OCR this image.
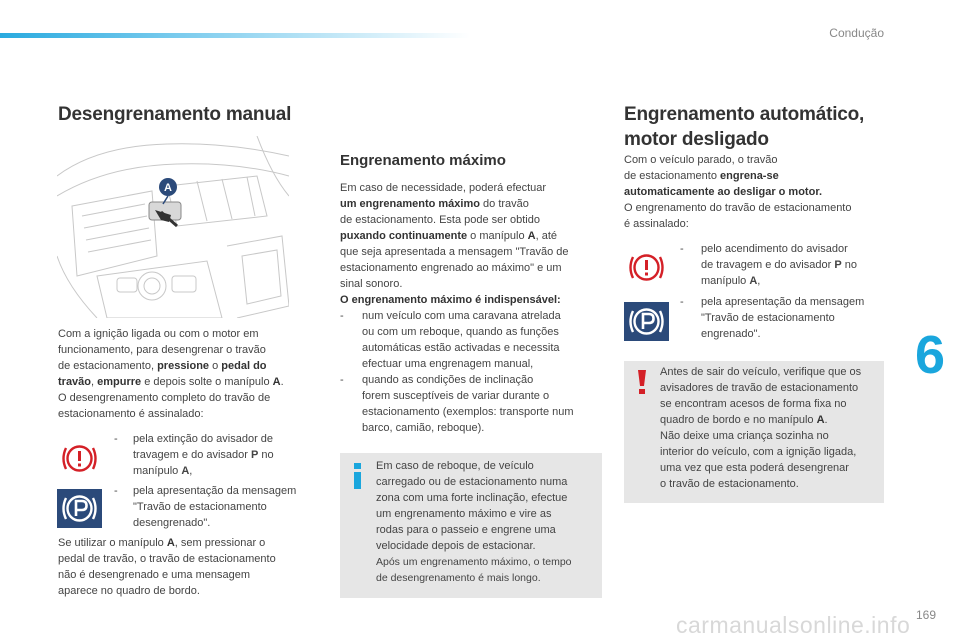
Condução
6
169
Desengrenamento manual
A
Com a ignição ligada ou com o motor em
funcionamento, para desengrenar o travão
de estacionamento, pressione o pedal do
travão, empurre e depois solte o manípulo A.
O desengrenamento completo do travão de
estacionamento é assinalado:
- pela extinção do avisador de
travagem e do avisador P no
manípulo A,
- pela apresentação da mensagem
"Travão de estacionamento
desengrenado".
Se utilizar o manípulo A, sem pressionar o
pedal de travão, o travão de estacionamento
não é desengrenado e uma mensagem
aparece no quadro de bordo.
Engrenamento máximo
Em caso de necessidade, poderá efectuar
um engrenamento máximo do travão
de estacionamento. Esta pode ser obtido
puxando continuamente o manípulo A, até
que seja apresentada a mensagem "Travão de
estacionamento engrenado ao máximo" e um
sinal sonoro.
O engrenamento máximo é indispensável:
- num veículo com uma caravana atrelada
ou com um reboque, quando as funções
automáticas estão activadas e necessita
efectuar uma engrenagem manual,
- quando as condições de inclinação
forem susceptíveis de variar durante o
estacionamento (exemplos: transporte num
barco, camião, reboque).
Em caso de reboque, de veículo
carregado ou de estacionamento numa
zona com uma forte inclinação, efectue
um engrenamento máximo e vire as
rodas para o passeio e engrene uma
velocidade depois de estacionar.
Após um engrenamento máximo, o tempo
de desengrenamento é mais longo.
Engrenamento automático,
motor desligado
Com o veículo parado, o travão
de estacionamento engrena-se
automaticamente ao desligar o motor.
O engrenamento do travão de estacionamento
é assinalado:
- pelo acendimento do avisador
de travagem e do avisador P no
manípulo A,
- pela apresentação da mensagem
"Travão de estacionamento
engrenado".
Antes de sair do veículo, verifique que os
avisadores de travão de estacionamento
se encontram acesos de forma fixa no
quadro de bordo e no manípulo A.
Não deixe uma criança sozinha no
interior do veículo, com a ignição ligada,
uma vez que esta poderá desengrenar
o travão de estacionamento.
carmanualsonline.info
